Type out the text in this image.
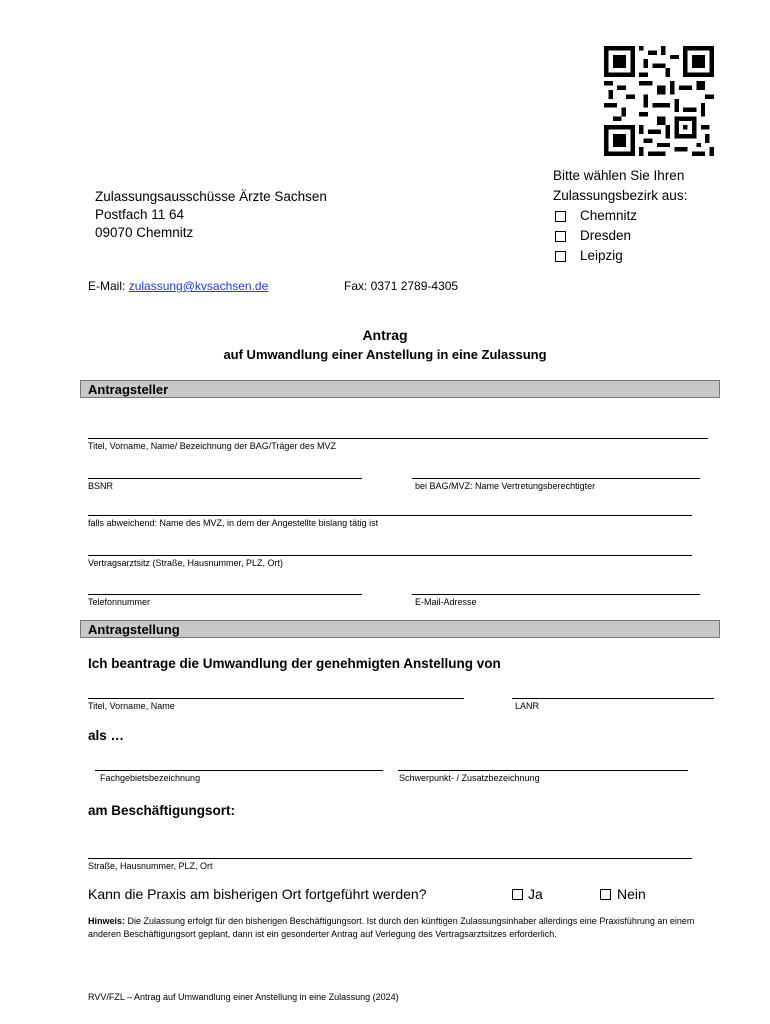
Zulassungsausschüsse Ärzte Sachsen
Postfach 11 64
09070 Chemnitz
Bitte wählen Sie Ihren
Zulassungsbezirk aus:
Chemnitz
Dresden
Leipzig
E-Mail: zulassung@kvsachsen.de	Fax: 0371 2789-4305
Antrag
auf Umwandlung einer Anstellung in eine Zulassung
Antragsteller
Titel, Vorname, Name/ Bezeichnung der BAG/Träger des MVZ
BSNR	bei BAG/MVZ: Name Vertretungsberechtigter
falls abweichend: Name des MVZ, in dem der Angestellte bislang tätig ist
Vertragsarztsitz (Straße, Hausnummer, PLZ, Ort)
Telefonnummer	E-Mail-Adresse
Antragstellung
Ich beantrage die Umwandlung der genehmigten Anstellung von
Titel, Vorname, Name	LANR
als …
Fachgebietsbezeichnung	Schwerpunkt- / Zusatzbezeichnung
am Beschäftigungsort:
Straße, Hausnummer, PLZ, Ort
Kann die Praxis am bisherigen Ort fortgeführt werden?	Ja	Nein
Hinweis: Die Zulassung erfolgt für den bisherigen Beschäftigungsort. Ist durch den künftigen Zulassungsinhaber allerdings eine Praxisführung an einem anderen Beschäftigungsort geplant, dann ist ein gesonderter Antrag auf Verlegung des Vertragsarztsitzes erforderlich.
RVV/FZL – Antrag auf Umwandlung einer Anstellung in eine Zulassung (2024)
